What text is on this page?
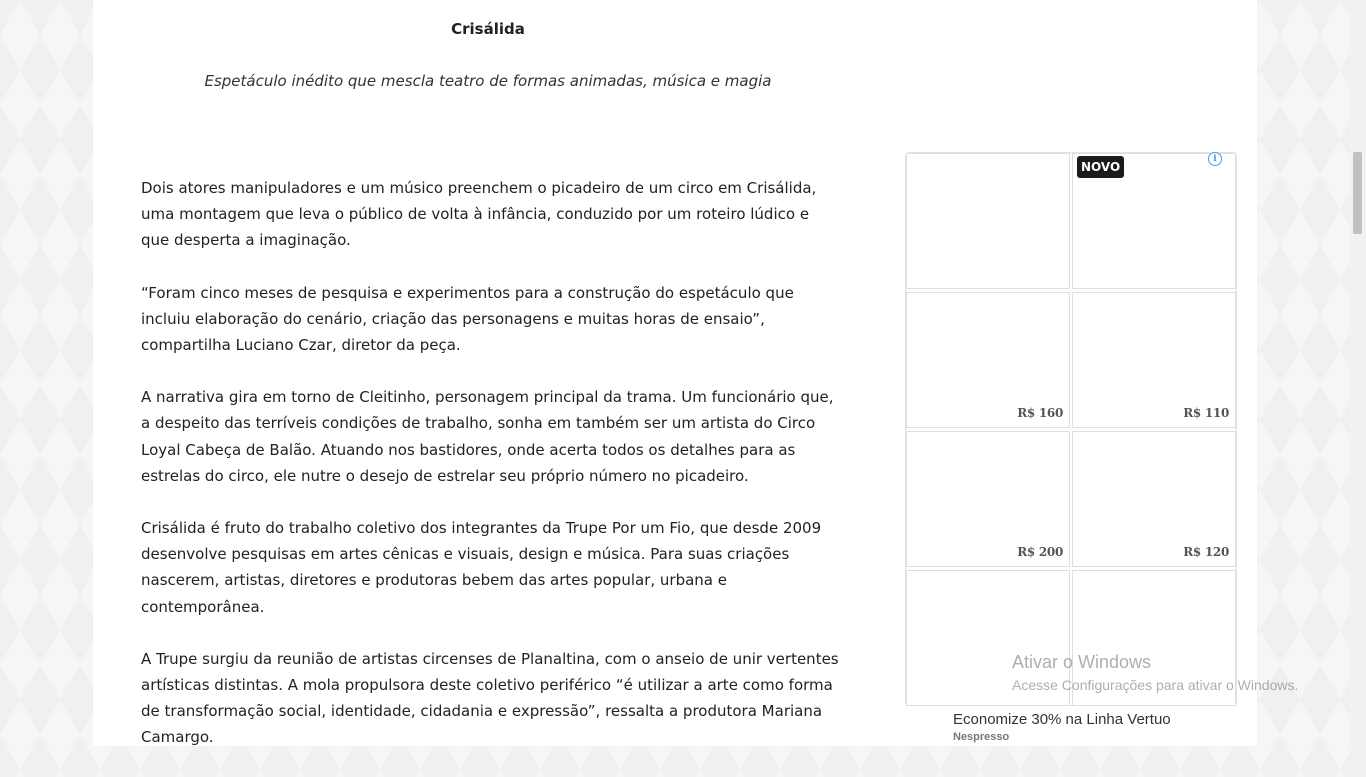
Crisálida
Espetáculo inédito que mescla teatro de formas animadas, música e magia

Dois atores manipuladores e um músico preenchem o picadeiro de um circo em Crisálida, uma montagem que leva o público de volta à infância, conduzido por um roteiro lúdico e que desperta a imaginação.

“Foram cinco meses de pesquisa e experimentos para a construção do espetáculo que incluiu elaboração do cenário, criação das personagens e muitas horas de ensaio”, compartilha Luciano Czar, diretor da peça.

A narrativa gira em torno de Cleitinho, personagem principal da trama. Um funcionário que, a despeito das terríveis condições de trabalho, sonha em também ser um artista do Circo Loyal Cabeça de Balão. Atuando nos bastidores, onde acerta todos os detalhes para as estrelas do circo, ele nutre o desejo de estrelar seu próprio número no picadeiro.

Crisálida é fruto do trabalho coletivo dos integrantes da Trupe Por um Fio, que desde 2009 desenvolve pesquisas em artes cênicas e visuais, design e música. Para suas criações nascerem, artistas, diretores e produtoras bebem das artes popular, urbana e contemporânea.

A Trupe surgiu da reunião de artistas circenses de Planaltina, com o anseio de unir vertentes artísticas distintas. A mola propulsora deste coletivo periférico “é utilizar a arte como forma de transformação social, identidade, cidadania e expressão”, ressalta a produtora Mariana Camargo.

NOVO
R$ 160	R$ 110
R$ 200	R$ 120
i
Economize 30% na Linha Vertuo
Nespresso
Ativar o Windows
Acesse Configurações para ativar o Windows.
